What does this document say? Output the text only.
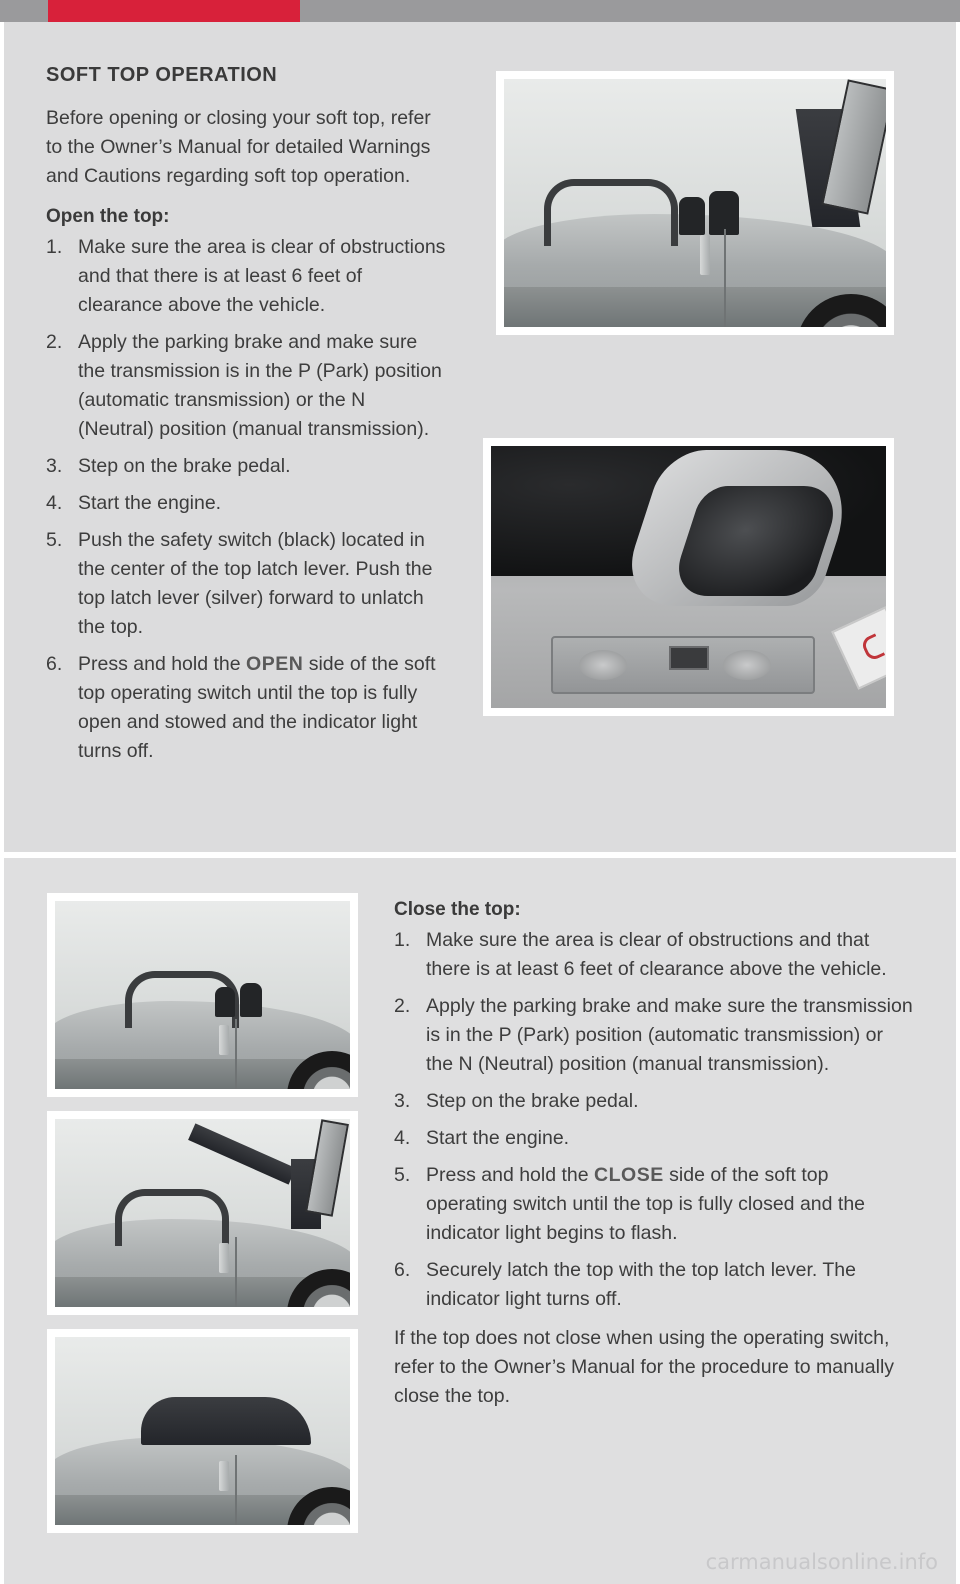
SOFT TOP OPERATION

Before opening or closing your soft top, refer to the Owner’s Manual for detailed Warnings and Cautions regarding soft top operation.

Open the top:
1. Make sure the area is clear of obstructions and that there is at least 6 feet of clearance above the vehicle.
2. Apply the parking brake and make sure the transmission is in the P (Park) position (automatic transmission) or the N (Neutral) position (manual transmission).
3. Step on the brake pedal.
4. Start the engine.
5. Push the safety switch (black) located in the center of the top latch lever. Push the top latch lever (silver) forward to unlatch the top.
6. Press and hold the OPEN side of the soft top operating switch until the top is fully open and stowed and the indicator light turns off.
Close the top:
1. Make sure the area is clear of obstructions and that there is at least 6 feet of clearance above the vehicle.
2. Apply the parking brake and make sure the transmission is in the P (Park) position (automatic transmission) or the N (Neutral) position (manual transmission).
3. Step on the brake pedal.
4. Start the engine.
5. Press and hold the CLOSE side of the soft top operating switch until the top is fully closed and the indicator light begins to flash.
6. Securely latch the top with the top latch lever. The indicator light turns off.

If the top does not close when using the operating switch, refer to the Owner’s Manual for the procedure to manually close the top.

carmanualsonline.info
